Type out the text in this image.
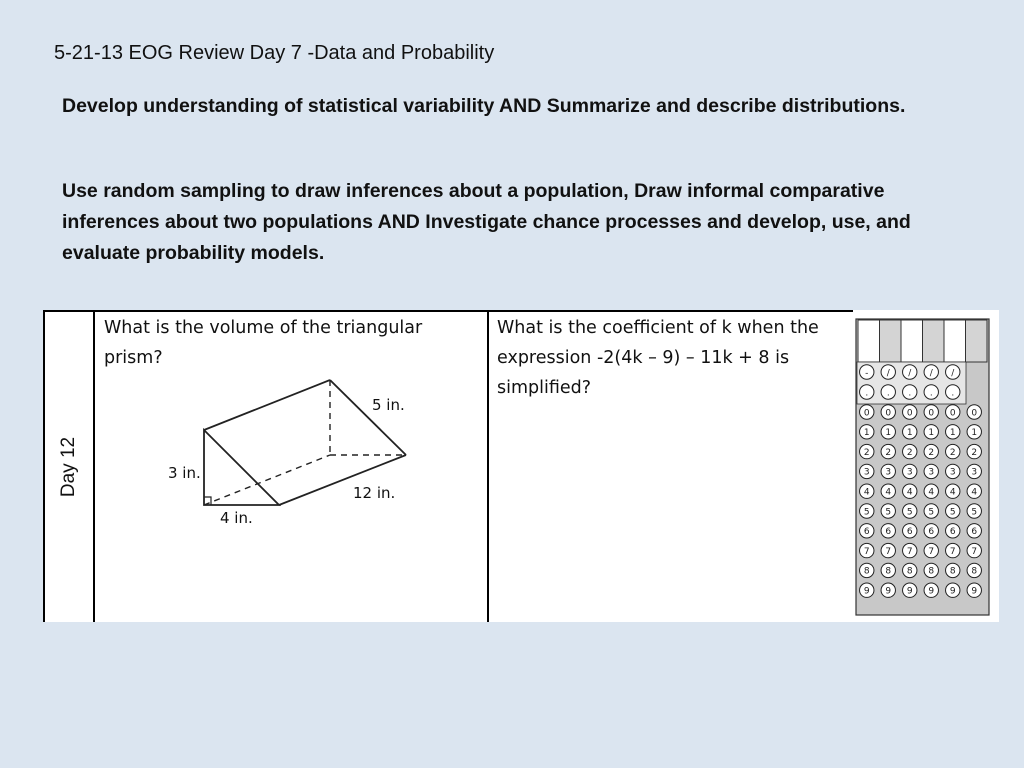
5-21-13 EOG Review Day 7 -Data and Probability
Develop understanding of statistical variability AND Summarize and describe distributions.
Use random sampling to draw inferences about a population, Draw informal comparative inferences about two populations AND Investigate chance processes and develop, use, and evaluate probability models.
Day 12
What is the volume of the triangular prism?
What is the coefficient of k when the expression -2(4k – 9) – 11k + 8 is simplified?
3 in.
4 in.
5 in.
12 in.
- / / / /
. . . . .
0 0 0 0 0 0
1 1 1 1 1 1
2 2 2 2 2 2
3 3 3 3 3 3
4 4 4 4 4 4
5 5 5 5 5 5
6 6 6 6 6 6
7 7 7 7 7 7
8 8 8 8 8 8
9 9 9 9 9 9
